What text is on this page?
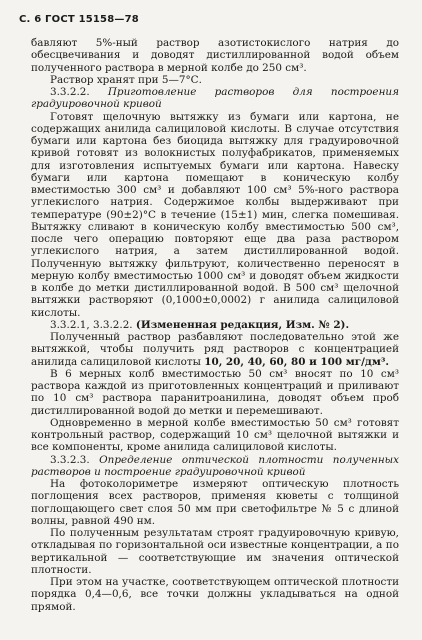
С. 6 ГОСТ 15158—78

бавляют 5%-ный раствор азотистокислого натрия до обесцвечивания и доводят дистиллированной водой объем полученного раствора в мерной колбе до 250 см³.

Раствор хранят при 5—7°С.

3.3.2.2. Приготовление растворов для построения градуировочной кривой

Готовят щелочную вытяжку из бумаги или картона, не содержащих анилида салициловой кислоты. В случае отсутствия бумаги или картона без биоцида вытяжку для градуировочной кривой готовят из волокнистых полуфабрикатов, применяемых для изготовления испытуемых бумаги или картона. Навеску бумаги или картона помещают в коническую колбу вместимостью 300 см³ и добавляют 100 см³ 5%-ного раствора углекислого натрия. Содержимое колбы выдерживают при температуре (90±2)°С в течение (15±1) мин, слегка помешивая. Вытяжку сливают в коническую колбу вместимостью 500 см³, после чего операцию повторяют еще два раза раствором углекислого натрия, а затем дистиллированной водой. Полученную вытяжку фильтруют, количественно переносят в мерную колбу вместимостью 1000 см³ и доводят объем жидкости в колбе до метки дистиллированной водой. В 500 см³ щелочной вытяжки растворяют (0,1000±0,0002) г анилида салициловой кислоты.

3.3.2.1, 3.3.2.2. (Измененная редакция, Изм. № 2).

Полученный раствор разбавляют последовательно этой же вытяжкой, чтобы получить ряд растворов с концентрацией анилида салициловой кислоты 10, 20, 40, 60, 80 и 100 мг/дм³.

В 6 мерных колб вместимостью 50 см³ вносят по 10 см³ раствора каждой из приготовленных концентраций и приливают по 10 см³ раствора паранитроанилина, доводят объем проб дистиллированной водой до метки и перемешивают.

Одновременно в мерной колбе вместимостью 50 см³ готовят контрольный раствор, содержащий 10 см³ щелочной вытяжки и все компоненты, кроме анилида салициловой кислоты.

3.3.2.3. Определение оптической плотности полученных растворов и построение градуировочной кривой

На фотоколориметре измеряют оптическую плотность поглощения всех растворов, применяя кюветы с толщиной поглощающего свет слоя 50 мм при светофильтре № 5 с длиной волны, равной 490 нм.

По полученным результатам строят градуировочную кривую, откладывая по горизонтальной оси известные концентрации, а по вертикальной — соответствующие им значения оптической плотности.

При этом на участке, соответствующем оптической плотности порядка 0,4—0,6, все точки должны укладываться на одной прямой.
